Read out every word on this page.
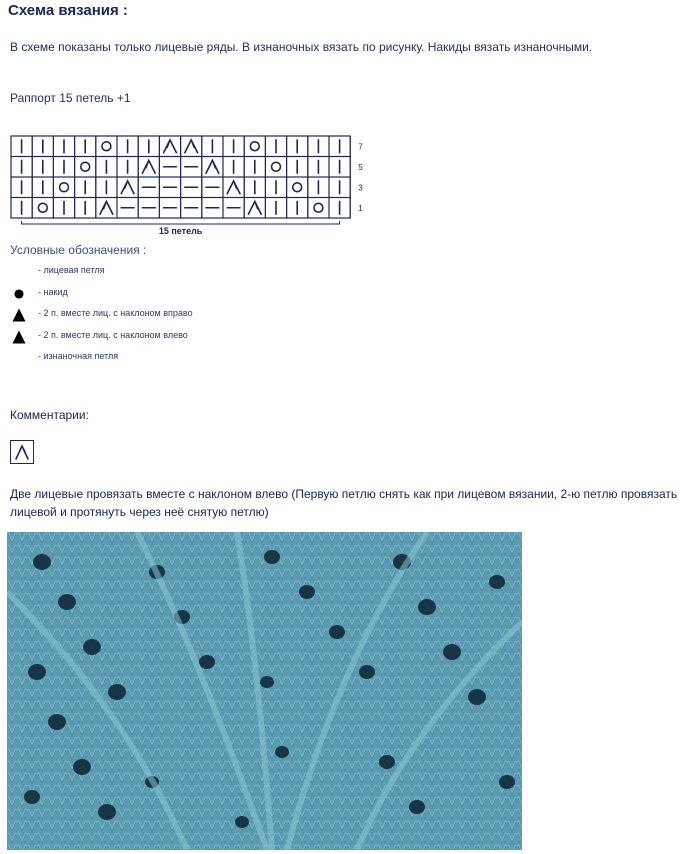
Схема вязания :
В схеме показаны только лицевые ряды. В изнаночных вязать по рисунку. Накиды вязать изнаночными.
Раппорт 15 петель +1
7
5
3
1
15 петель
Условные обозначения :
- лицевая петля
- накид
- 2 п. вместе лиц. с наклоном вправо
- 2 п. вместе лиц. с наклоном влево
- изнаночная петля
Комментарии:
Две лицевые провязать вместе с наклоном влево (Первую петлю снять как при лицевом вязании, 2-ю петлю провязать лицевой и протянуть через неё снятую петлю)
